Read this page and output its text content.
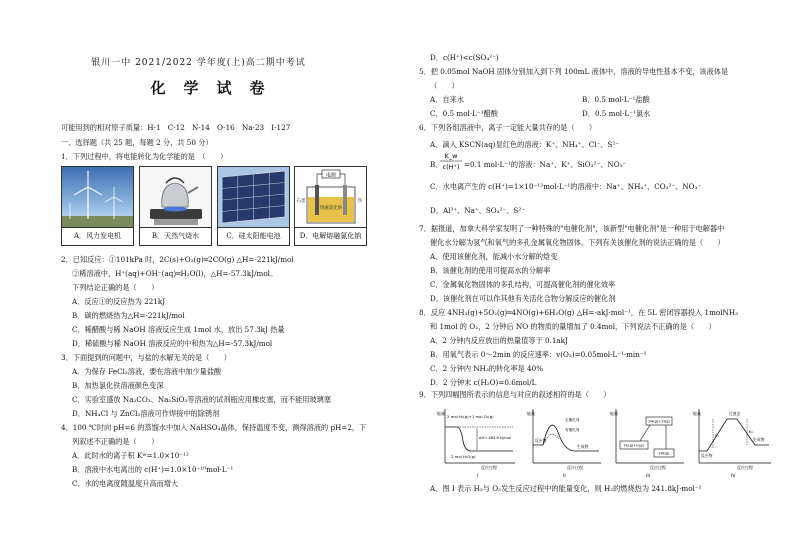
银川一中 2021/2022 学年度(上)高二期中考试
化学试卷
可能用到的相对原子质量：H-1　C-12　N-14　O-16　Na-23　I-127
一、选择题（共 25 题，每题 2 分，共 50 分）
1．下列过程中，将电能转化为化学能的是　（　　）
A．风力发电机	B．天然气烧水	C．硅太阳能电池
电源
熔融氯化钠
石墨	铁
D．电解熔融氯化钠
2．已知反应：①101kPa 时，2C(s)+O₂(g)═2CO(g) △H=-221kJ/mol
②稀溶液中，H⁺(aq)+OH⁻(aq)═H₂O(l)，△H=-57.3kJ/mol。
下列结论正确的是（　　）
A．反应①的反应热为 221kJ
B．碳的燃烧热为△H=-221kJ/mol
C．稀醋酸与稀 NaOH 溶液反应生成 1mol 水，放出 57.3kJ 热量
D．稀硫酸与稀 NaOH 溶液反应的中和热为△H=-57.3kJ/mol
3．下面提到的问题中，与盐的水解无关的是（　　）
A．为保存 FeCl₃溶液，要在溶液中加少量盐酸
B．加热氯化铁溶液颜色变深
C．实验室盛放 Na₂CO₃、Na₂SiO₃等溶液的试剂瓶应用橡皮塞，而不能用玻璃塞
D．NH₄Cl 与 ZnCl₂溶液可作焊接中的除锈剂
4．100 ℃时向 pH=6 的蒸馏水中加入 NaHSO₄晶体，保持温度不变，测得溶液的 pH=2，下
列叙述不正确的是（　　）
A．此时水的离子积 Kw=1.0×10⁻¹²
B．溶液中水电离出的 c(H⁺)=1.0×10⁻¹⁰mol·L⁻¹
C．水的电离度随温度升高而增大
D．c(H⁺)<c(SO₄²⁻)
5．把 0.05mol NaOH 固体分别加入到下列 100mL 液体中，溶液的导电性基本不变，该液体是
（　　）
A．自来水	B．0.5 mol·L⁻¹盐酸
C．0.5 mol·L⁻¹醋酸	D．0.5 mol·L⁻¹氯水
6．下列各组溶液中，离子一定能大量共存的是（　　）
A．滴入 KSCN(aq)显红色的溶液：K⁺、NH₄⁺、Cl⁻、S²⁻
B．
K_w
c(H⁺) =0.1 mol·L⁻¹的溶液：Na⁺、K⁺、SiO₃²⁻、NO₃⁻
C．水电离产生的 c(H⁺)=1×10⁻¹²mol·L⁻¹的溶液中：Na⁺、NH₄⁺、CO₃²⁻、NO₃⁻
D．Al³⁺、Na⁺、SO₄²⁻、S²⁻
7．据报道，加拿大科学家发明了一种特殊的"电催化剂"，该新型"电催化剂"是一种用于电解器中
催化水分解为氢气和氧气的多孔金属氧化物固体。下列有关该催化剂的说法正确的是（　　）
A．使用该催化剂，能减小水分解的焓变
B．该催化剂的使用可提高水的分解率
C．金属氧化物固体的多孔结构，可提高催化剂的催化效率
D．该催化剂在可以作其他有关活化合物分解反应的催化剂
8．反应 4NH₃(g)+5O₂(g)═4NO(g)+6H₂O(g) △H=-akJ·mol⁻¹，在 5L 密闭容器投入 1molNH₃
和 1mol 的 O₂，2 分钟后 NO 的物质的量增加了 0.4mol，下列说法不正确的是（　　）
A．2 分钟内反应放出的热量值等于 0.1akJ
B．用氧气表示 0～2min 的反应速率：v(O₂)=0.05mol·L⁻¹·min⁻¹
C．2 分钟内 NH₃的转化率是 40%
D．2 分钟末 c(H₂O)=0.6mol/L
9．下列四幅图所表示的信息与对应的叙述相符的是（　　）
2 mol H₂(g)+1 mol O₂(g)
ΔH=-483.6 kJ/mol
2 mol H₂O(g)
反应过程
能量
I
反应物
生成物
有催化剂
无催化剂
反应过程
能量
II
2H(g)+2I(g)
H₂(g)+I₂(g)
2HI(g)
反应过程
能量
III
过渡态
生成物
反应物
E₁
E₂
反应过程
能量
IV
A．图 I 表示 H₂与 O₂发生反应过程中的能量变化，则 H₂的燃烧热为 241.8kJ·mol⁻¹
